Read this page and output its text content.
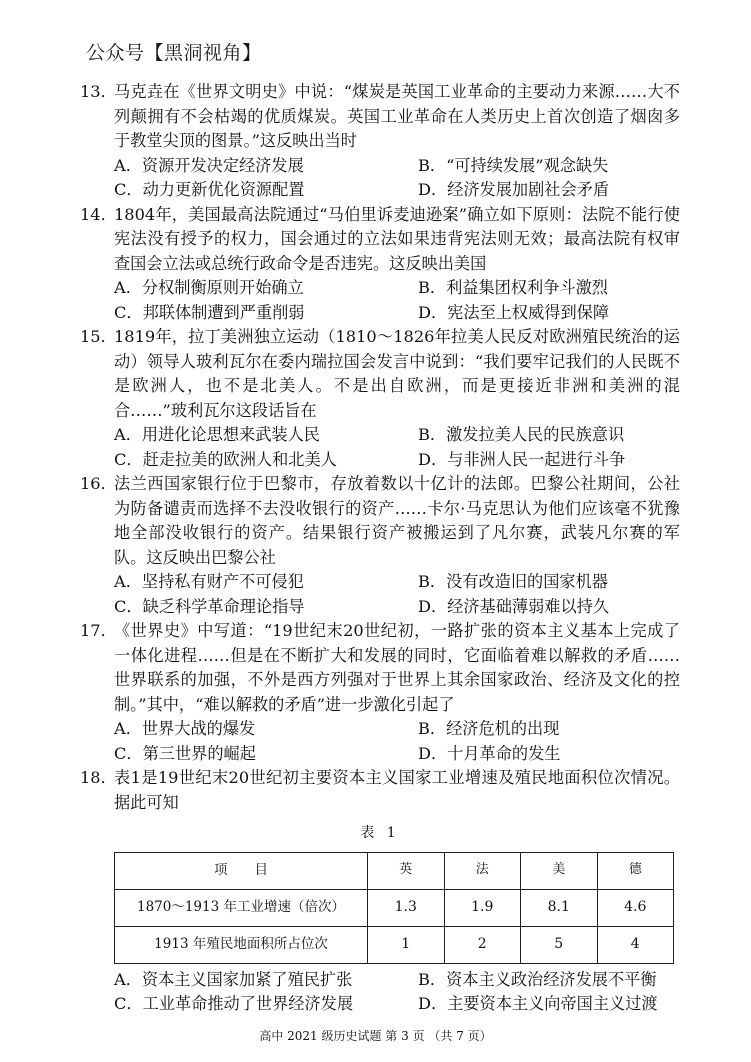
公众号【黑洞视角】
13．
马克垚在《世界文明史》中说：“煤炭是英国工业革命的主要动力来源……大不列颠拥有不会枯竭的优质煤炭。英国工业革命在人类历史上首次创造了烟囱多于教堂尖顶的图景。”这反映出当时
A．资源开发决定经济发展	B．“可持续发展”观念缺失
C．动力更新优化资源配置	D．经济发展加剧社会矛盾
14．
1804年，美国最高法院通过“马伯里诉麦迪逊案”确立如下原则：法院不能行使宪法没有授予的权力，国会通过的立法如果违背宪法则无效；最高法院有权审查国会立法或总统行政命令是否违宪。这反映出美国
A．分权制衡原则开始确立	B．利益集团权利争斗激烈
C．邦联体制遭到严重削弱	D．宪法至上权威得到保障
15．
1819年，拉丁美洲独立运动（1810～1826年拉美人民反对欧洲殖民统治的运动）领导人玻利瓦尔在委内瑞拉国会发言中说到：“我们要牢记我们的人民既不是欧洲人，也不是北美人。不是出自欧洲，而是更接近非洲和美洲的混合……”玻利瓦尔这段话旨在
A．用进化论思想来武装人民	B．激发拉美人民的民族意识
C．赶走拉美的欧洲人和北美人	D．与非洲人民一起进行斗争
16．
法兰西国家银行位于巴黎市，存放着数以十亿计的法郎。巴黎公社期间，公社为防备谴责而选择不去没收银行的资产……卡尔·马克思认为他们应该毫不犹豫地全部没收银行的资产。结果银行资产被搬运到了凡尔赛，武装凡尔赛的军队。这反映出巴黎公社
A．坚持私有财产不可侵犯	B．没有改造旧的国家机器
C．缺乏科学革命理论指导	D．经济基础薄弱难以持久
17．
《世界史》中写道：“19世纪末20世纪初，一路扩张的资本主义基本上完成了一体化进程……但是在不断扩大和发展的同时，它面临着难以解救的矛盾……世界联系的加强，不外是西方列强对于世界上其余国家政治、经济及文化的控制。”其中，“难以解救的矛盾”进一步激化引起了
A．世界大战的爆发	B．经济危机的出现
C．第三世界的崛起	D．十月革命的发生
18．
表1是19世纪末20世纪初主要资本主义国家工业增速及殖民地面积位次情况。据此可知
表 1
项　　目	英	法	美	德
1870～1913 年工业增速（倍次）	1.3	1.9	8.1	4.6
1913 年殖民地面积所占位次	1	2	5	4
A．资本主义国家加紧了殖民扩张	B．资本主义政治经济发展不平衡
C．工业革命推动了世界经济发展	D．主要资本主义向帝国主义过渡
高中 2021 级历史试题 第 3 页 （共 7 页）
